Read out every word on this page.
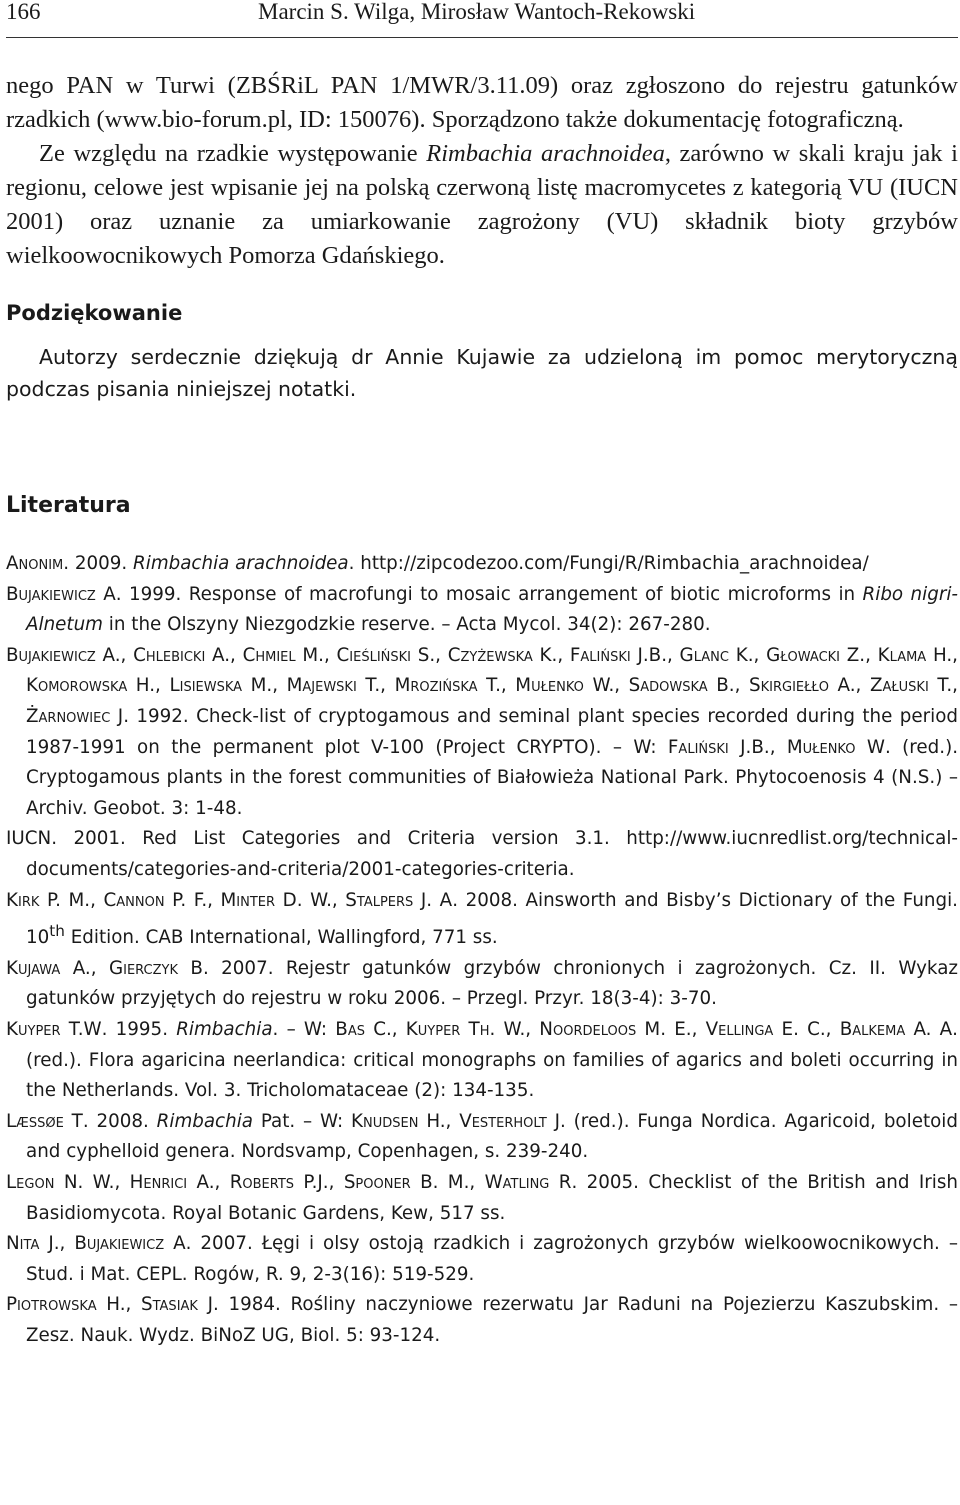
166	Marcin S. Wilga, Mirosław Wantoch-Rekowski

nego PAN w Turwi (ZBŚRiL PAN 1/MWR/3.11.09) oraz zgłoszono do rejestru gatunków rzadkich (www.bio-forum.pl, ID: 150076). Sporządzono także dokumentację fotograficzną.

Ze względu na rzadkie występowanie Rimbachia arachnoidea, zarówno w skali kraju jak i regionu, celowe jest wpisanie jej na polską czerwoną listę macromycetes z kategorią VU (IUCN 2001) oraz uznanie za umiarkowanie zagrożony (VU) składnik bioty grzybów wielkoowocnikowych Pomorza Gdańskiego.

Podziękowanie

Autorzy serdecznie dziękują dr Annie Kujawie za udzieloną im pomoc merytoryczną podczas pisania niniejszej notatki.

Literatura
Anonim. 2009. Rimbachia arachnoidea. http://zipcodezoo.com/Fungi/R/Rimbachia_arachnoidea/
Bujakiewicz A. 1999. Response of macrofungi to mosaic arrangement of biotic microforms in Ribo nigri-Alnetum in the Olszyny Niezgodzkie reserve. – Acta Mycol. 34(2): 267-280.
Bujakiewicz A., Chlebicki A., Chmiel M., Cieśliński S., Czyżewska K., Faliński J.B., Glanc K., Głowacki Z., Klama H., Komorowska H., Lisiewska M., Majewski T., Mrozińska T., Mułenko W., Sadowska B., Skirgiełło A., Załuski T., Żarnowiec J. 1992. Check-list of cryptogamous and seminal plant species recorded during the period 1987-1991 on the permanent plot V-100 (Project CRYPTO). – W: Faliński J.B., Mułenko W. (red.). Cryptogamous plants in the forest communities of Białowieża National Park. Phytocoenosis 4 (N.S.) – Archiv. Geobot. 3: 1-48.
IUCN. 2001. Red List Categories and Criteria version 3.1. http://www.iucnredlist.org/technical-documents/categories-and-criteria/2001-categories-criteria.
Kirk P. M., Cannon P. F., Minter D. W., Stalpers J. A. 2008. Ainsworth and Bisby’s Dictionary of the Fungi. 10th Edition. CAB International, Wallingford, 771 ss.
Kujawa A., Gierczyk B. 2007. Rejestr gatunków grzybów chronionych i zagrożonych. Cz. II. Wykaz gatunków przyjętych do rejestru w roku 2006. – Przegl. Przyr. 18(3-4): 3-70.
Kuyper T.W. 1995. Rimbachia. – W: Bas C., Kuyper Th. W., Noordeloos M. E., Vellinga E. C., Balkema A. A. (red.). Flora agaricina neerlandica: critical monographs on families of agarics and boleti occurring in the Netherlands. Vol. 3. Tricholomataceae (2): 134-135.
Læssøe T. 2008. Rimbachia Pat. – W: Knudsen H., Vesterholt J. (red.). Funga Nordica. Agaricoid, boletoid and cyphelloid genera. Nordsvamp, Copenhagen, s. 239-240.
Legon N. W., Henrici A., Roberts P.J., Spooner B. M., Watling R. 2005. Checklist of the British and Irish Basidiomycota. Royal Botanic Gardens, Kew, 517 ss.
Nita J., Bujakiewicz A. 2007. Łęgi i olsy ostoją rzadkich i zagrożonych grzybów wielkoowocnikowych. – Stud. i Mat. CEPL. Rogów, R. 9, 2-3(16): 519-529.
Piotrowska H., Stasiak J. 1984. Rośliny naczyniowe rezerwatu Jar Raduni na Pojezierzu Kaszubskim. – Zesz. Nauk. Wydz. BiNoZ UG, Biol. 5: 93-124.
